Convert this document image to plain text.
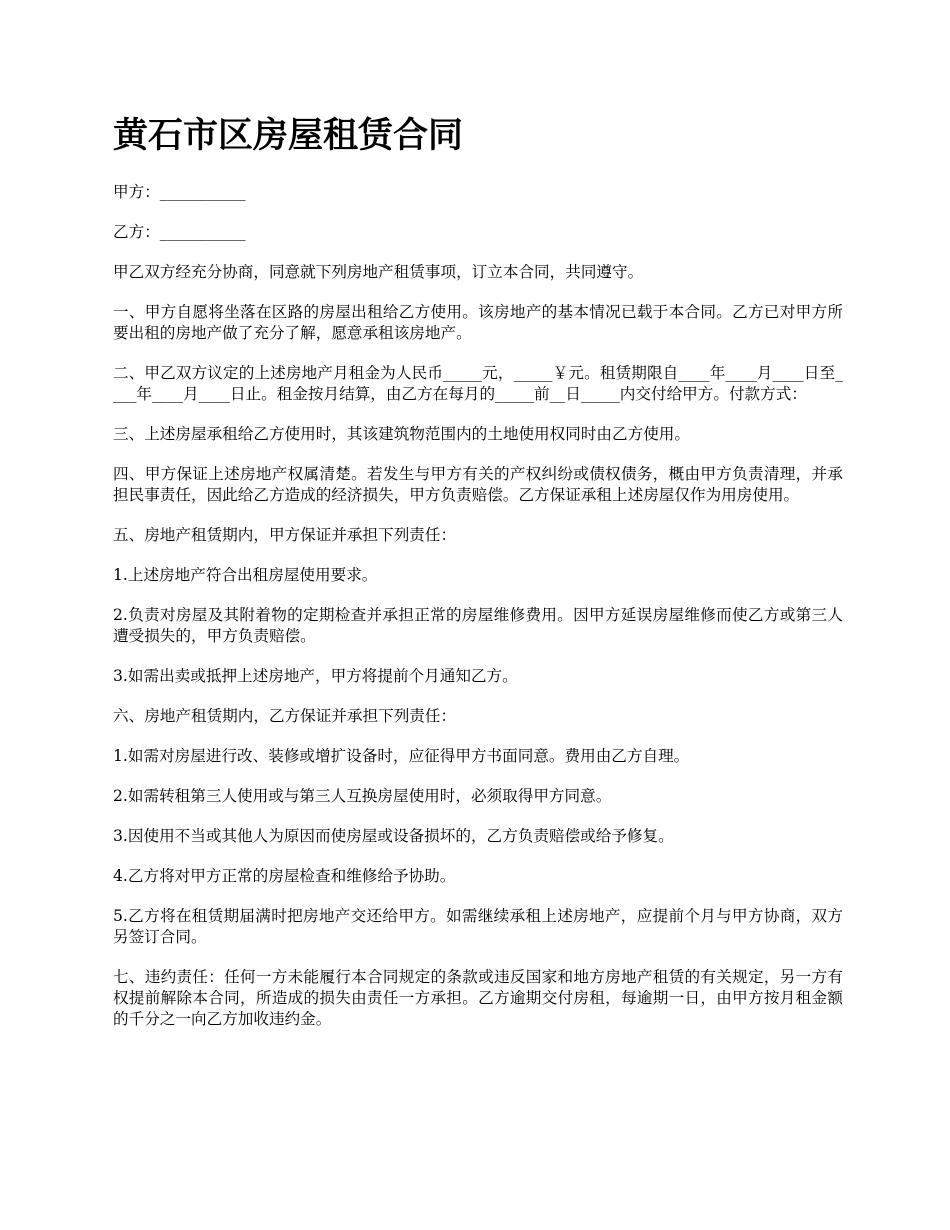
黄石市区房屋租赁合同

甲方：___________

乙方：___________

甲乙双方经充分协商，同意就下列房地产租赁事项，订立本合同，共同遵守。

一、甲方自愿将坐落在区路的房屋出租给乙方使用。该房地产的基本情况已载于本合同。乙方已对甲方所要出租的房地产做了充分了解，愿意承租该房地产。

二、甲乙双方议定的上述房地产月租金为人民币_____元，_____￥元。租赁期限自____年____月____日至____年____月____日止。租金按月结算，由乙方在每月的_____前__日_____内交付给甲方。付款方式：

三、上述房屋承租给乙方使用时，其该建筑物范围内的土地使用权同时由乙方使用。

四、甲方保证上述房地产权属清楚。若发生与甲方有关的产权纠纷或债权债务，概由甲方负责清理，并承担民事责任，因此给乙方造成的经济损失，甲方负责赔偿。乙方保证承租上述房屋仅作为用房使用。

五、房地产租赁期内，甲方保证并承担下列责任：

1.上述房地产符合出租房屋使用要求。

2.负责对房屋及其附着物的定期检查并承担正常的房屋维修费用。因甲方延误房屋维修而使乙方或第三人遭受损失的，甲方负责赔偿。

3.如需出卖或抵押上述房地产，甲方将提前个月通知乙方。

六、房地产租赁期内，乙方保证并承担下列责任：

1.如需对房屋进行改、装修或增扩设备时，应征得甲方书面同意。费用由乙方自理。

2.如需转租第三人使用或与第三人互换房屋使用时，必须取得甲方同意。

3.因使用不当或其他人为原因而使房屋或设备损坏的，乙方负责赔偿或给予修复。

4.乙方将对甲方正常的房屋检查和维修给予协助。

5.乙方将在租赁期届满时把房地产交还给甲方。如需继续承租上述房地产，应提前个月与甲方协商，双方另签订合同。

七、违约责任：任何一方未能履行本合同规定的条款或违反国家和地方房地产租赁的有关规定，另一方有权提前解除本合同，所造成的损失由责任一方承担。乙方逾期交付房租，每逾期一日，由甲方按月租金额的千分之一向乙方加收违约金。
